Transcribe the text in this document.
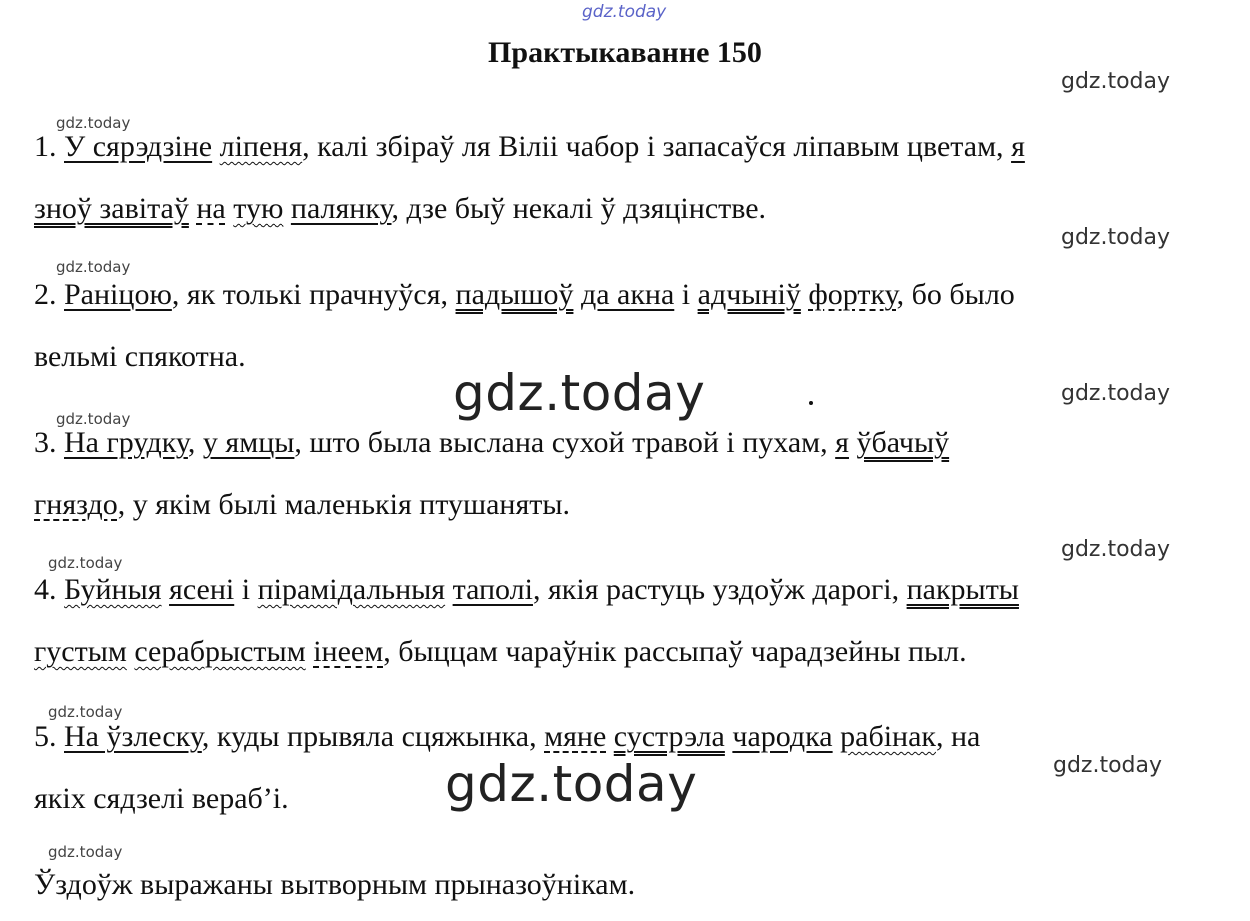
gdz.today
Практыкаванне 150
gdz.today
gdz.today
gdz.today
gdz.today
gdz.today
gdz.today
gdz.today
gdz.today
gdz.today
gdz.today
gdz.today
gdz.today
gdz.today
1. У сярэдзіне ліпеня, калі збіраў ля Віліі чабор і запасаўся ліпавым цветам, я
зноў завітаў на тую палянку, дзе быў некалі ў дзяцінстве.
2. Раніцою, як толькі прачнуўся, падышоў да акна і адчыніў фортку, бо было
вельмі спякотна.
3. На грудку, у ямцы, што была выслана сухой травой і пухам, я ўбачыў
гняздо, у якім былі маленькія птушаняты.
4. Буйныя ясені і пірамідальныя таполі, якія растуць уздоўж дарогі, пакрыты
густым серабрыстым інеем, быццам чараўнік рассыпаў чарадзейны пыл.
5. На ўзлеску, куды прывяла сцяжынка, мяне сустрэла чародка рабінак, на
якіх сядзелі вераб’і.
Ўздоўж выражаны вытворным прыназоўнікам.
